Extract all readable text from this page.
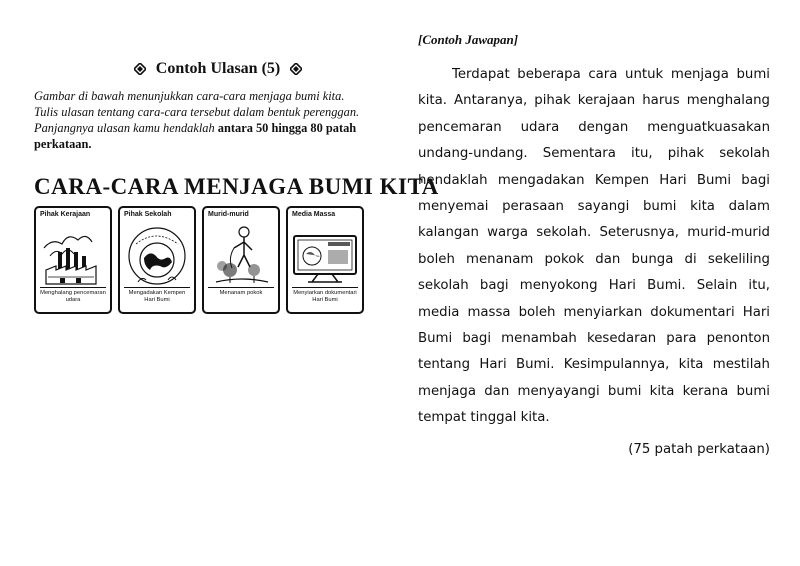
Contoh Ulasan (5)
Gambar di bawah menunjukkan cara-cara menjaga bumi kita.
Tulis ulasan tentang cara-cara tersebut dalam bentuk perenggan.
Panjangnya ulasan kamu hendaklah antara 50 hingga 80 patah perkataan.
CARA-CARA MENJAGA BUMI KITA
Pihak Kerajaan
Menghalang pencemaran udara
Pihak Sekolah
Mengadakan Kempen Hari Bumi
Murid-murid
Menanam pokok
Media Massa
Menyiarkan dokumentari Hari Bumi
[Contoh Jawapan]

Terdapat beberapa cara untuk menjaga bumi kita. Antaranya, pihak kerajaan harus menghalang pencemaran udara dengan menguatkuasakan undang-undang. Sementara itu, pihak sekolah hendaklah mengadakan Kempen Hari Bumi bagi menyemai perasaan sayangi bumi kita dalam kalangan warga sekolah. Seterusnya, murid-murid boleh menanam pokok dan bunga di sekeliling sekolah bagi menyokong Hari Bumi. Selain itu, media massa boleh menyiarkan dokumentari Hari Bumi bagi menambah kesedaran para penonton tentang Hari Bumi. Kesimpulannya, kita mestilah menjaga dan menyayangi bumi kita kerana bumi tempat tinggal kita.

(75 patah perkataan)
